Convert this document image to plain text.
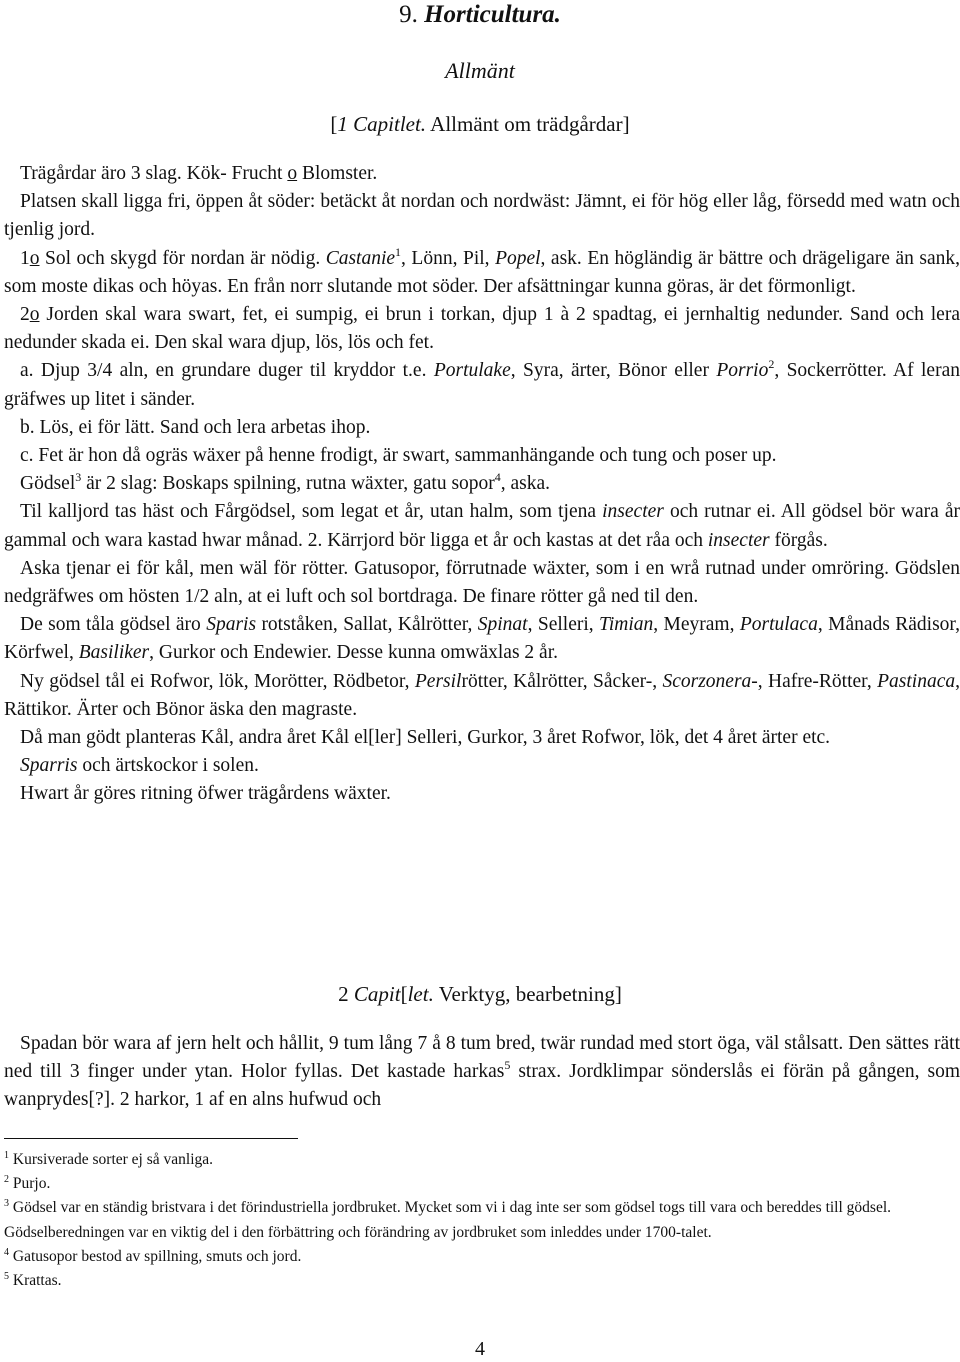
9. Horticultura.
Allmänt
[1 Capitlet. Allmänt om trädgårdar]

Trägårdar äro 3 slag. Kök- Frucht o Blomster.

Platsen skall ligga fri, öppen åt söder: betäckt åt nordan och nordwäst: Jämnt, ei för hög eller låg, försedd med watn och tjenlig jord.

1o Sol och skygd för nordan är nödig. Castanie$^1$, Lönn, Pil, Popel, ask. En högländig är bättre och drägeligare än sank, som moste dikas och höyas. En från norr slutande mot söder. Der afsättningar kunna göras, är det förmonligt.

2o Jorden skal wara swart, fet, ei sumpig, ei brun i torkan, djup 1 à 2 spadtag, ei jernhaltig nedunder. Sand och lera nedunder skada ei. Den skal wara djup, lös, lös och fet.

a. Djup 3/4 aln, en grundare duger til kryddor t.e. Portulake, Syra, ärter, Bönor eller Porrio$^2$, Sockerrötter. Af leran gräfwes up litet i sänder.

b. Lös, ei för lätt. Sand och lera arbetas ihop.

c. Fet är hon då ogräs wäxer på henne frodigt, är swart, sammanhängande och tung och poser up.

Gödsel$^3$ är 2 slag: Boskaps spilning, rutna wäxter, gatu sopor$^4$, aska.

Til kalljord tas häst och Fårgödsel, som legat et år, utan halm, som tjena insecter och rutnar ei. All gödsel bör wara år gammal och wara kastad hwar månad. 2. Kärrjord bör ligga et år och kastas at det råa och insecter förgås.

Aska tjenar ei för kål, men wäl för rötter. Gatusopor, förrutnade wäxter, som i en wrå rutnad under omröring. Gödslen nedgräfwes om hösten 1/2 aln, at ei luft och sol bortdraga. De finare rötter gå ned til den.

De som tåla gödsel äro Sparis rotståken, Sallat, Kålrötter, Spinat, Selleri, Timian, Meyram, Portulaca, Månads Rädisor, Körfwel, Basiliker, Gurkor och Endewier. Desse kunna omwäxlas 2 år.

Ny gödsel tål ei Rofwor, lök, Morötter, Rödbetor, Persilrötter, Kålrötter, Såcker-, Scorzonera-, Hafre-Rötter, Pastinaca, Rättikor. Ärter och Bönor äska den magraste.

Då man gödt planteras Kål, andra året Kål el[ler] Selleri, Gurkor, 3 året Rofwor, lök, det 4 året ärter etc.

Sparris och ärtskockor i solen.

Hwart år göres ritning öfwer trägårdens wäxter.

2 Capit[let. Verktyg, bearbetning]

Spadan bör wara af jern helt och hållit, 9 tum lång 7 å 8 tum bred, twär rundad med stort öga, väl stålsatt. Den sättes rätt ned till 3 finger under ytan. Holor fyllas. Det kastade harkas$^5$ strax. Jordklimpar sönderslås ei förän på gången, som wanprydes[?]. 2 harkor, 1 af en alns hufwud och

$^1$ Kursiverade sorter ej så vanliga.

$^2$ Purjo.

$^3$ Gödsel var en ständig bristvara i det förindustriella jordbruket. Mycket som vi i dag inte ser som gödsel togs till vara och bereddes till gödsel. Gödselberedningen var en viktig del i den förbättring och förändring av jordbruket som inleddes under 1700-talet.

$^4$ Gatusopor bestod av spillning, smuts och jord.

$^5$ Krattas.

4
